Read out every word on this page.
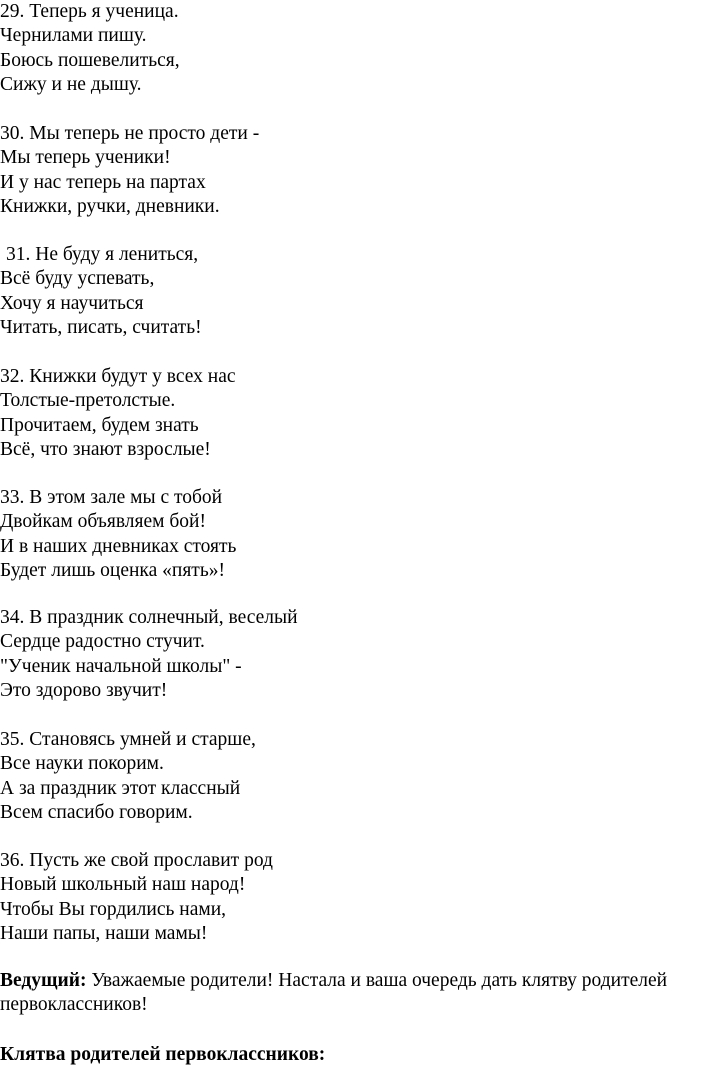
29. Теперь я ученица.
Чернилами пишу.
Боюсь пошевелиться,
Сижу и не дышу.

30. Мы теперь не просто дети -
Мы теперь ученики!
И у нас теперь на партах
Книжки, ручки, дневники.

31. Не буду я лениться,
Всё буду успевать,
Хочу я научиться
Читать, писать, считать!

32. Книжки будут у всех нас
Толстые-претолстые.
Прочитаем, будем знать
Всё, что знают взрослые!

33. В этом зале мы с тобой
Двойкам объявляем бой!
И в наших дневниках стоять
Будет лишь оценка «пять»!

34. В праздник солнечный, веселый
Сердце радостно стучит.
"Ученик начальной школы" -
Это здорово звучит!

35. Становясь умней и старше,
Все науки покорим.
А за праздник этот классный
Всем спасибо говорим.

36. Пусть же свой прославит род
Новый школьный наш народ!
Чтобы Вы гордились нами,
Наши папы, наши мамы!

Ведущий: Уважаемые родители! Настала и ваша очередь дать клятву родителей первоклассников!

Клятва родителей первоклассников:
